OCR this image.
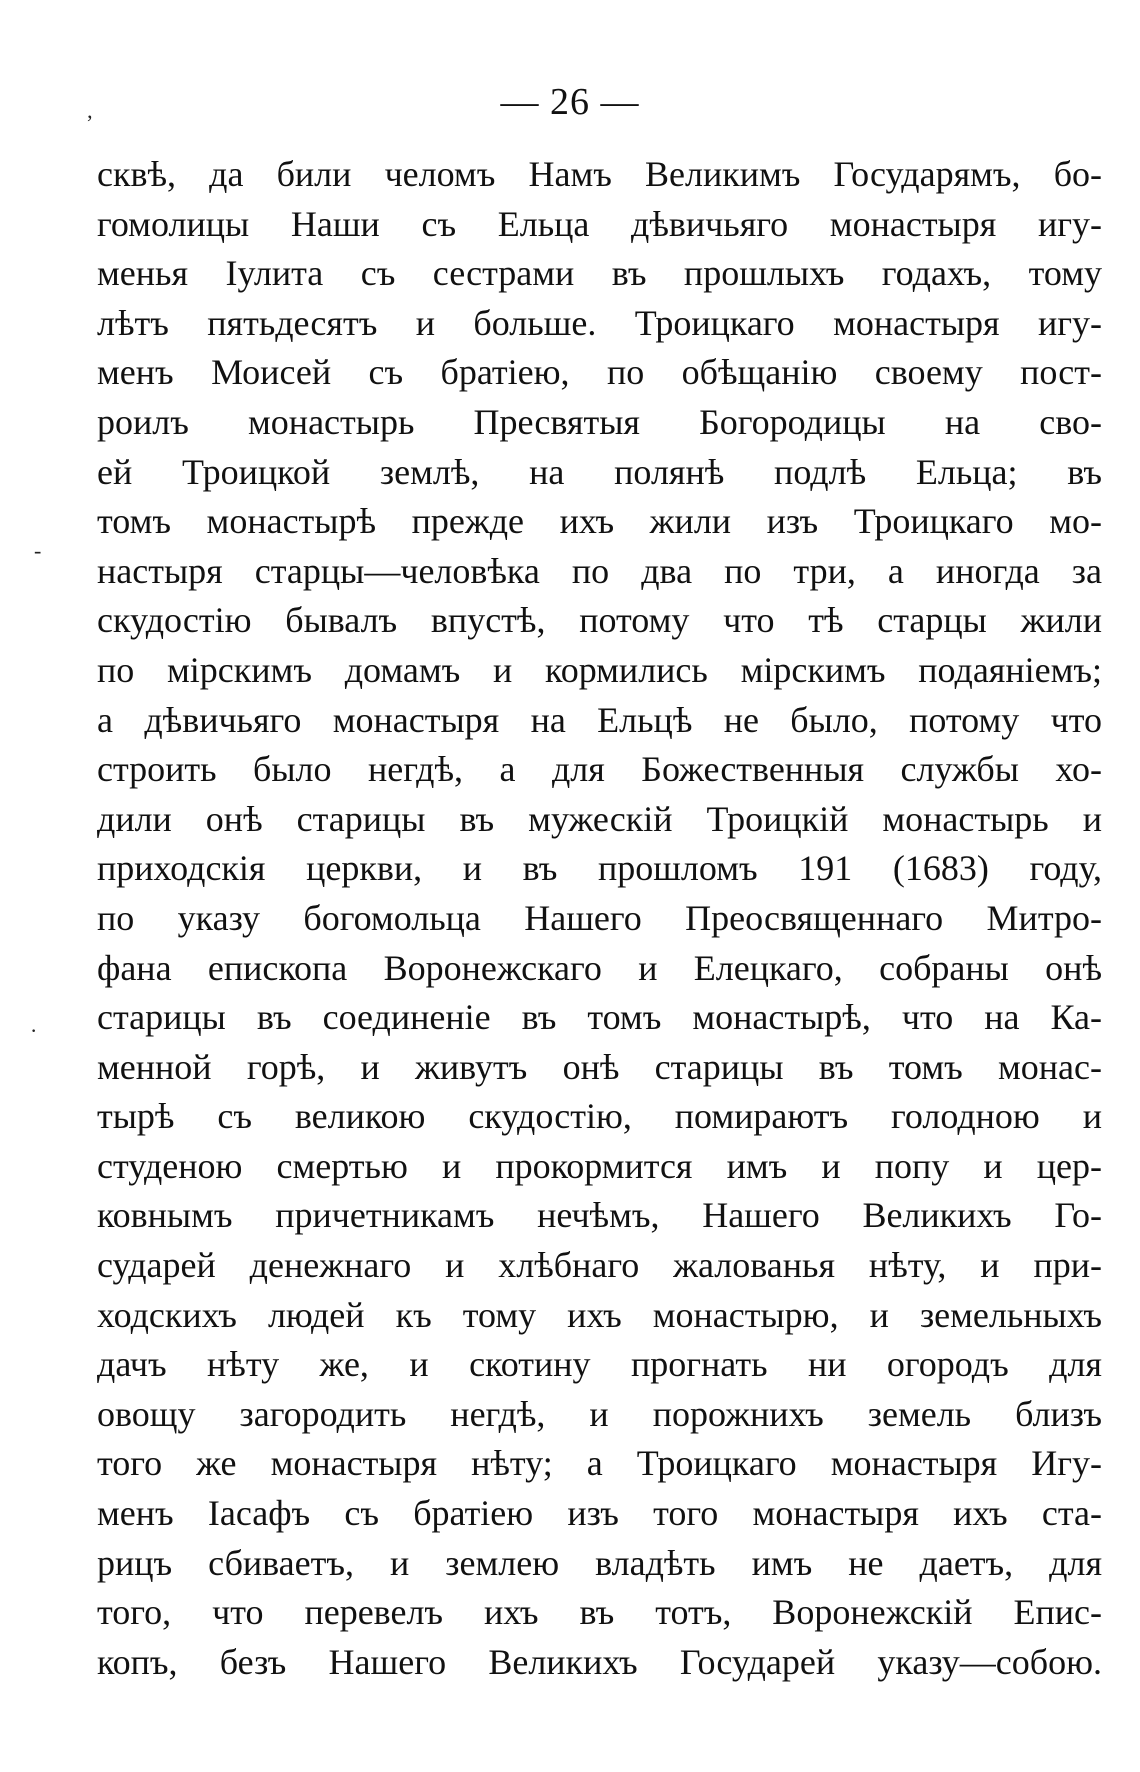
— 26 —
‚
-
·
сквѣ, да били челомъ Намъ Великимъ Государямъ, бо-
гомолицы Наши съ Ельца дѣвичьяго монастыря игу-
менья Іулита съ сестрами въ прошлыхъ годахъ, тому
лѣтъ пятьдесятъ и больше. Троицкаго монастыря игу-
менъ Моисей съ братіею, по обѣщанію своему пост-
роилъ монастырь Пресвятыя Богородицы на сво-
ей Троицкой землѣ, на полянѣ подлѣ Ельца; въ
томъ монастырѣ прежде ихъ жили изъ Троицкаго мо-
настыря старцы—человѣка по два по три, а иногда за
скудостію бывалъ впустѣ, потому что тѣ старцы жили
по мірскимъ домамъ и кормились мірскимъ подаяніемъ;
а дѣвичьяго монастыря на Ельцѣ не было, потому что
строить было негдѣ, а для Божественныя службы хо-
дили онѣ старицы въ мужескій Троицкій монастырь и
приходскія церкви, и въ прошломъ 191 (1683) году,
по указу богомольца Нашего Преосвященнаго Митро-
фана епископа Воронежскаго и Елецкаго, собраны онѣ
старицы въ соединеніе въ томъ монастырѣ, что на Ка-
менной горѣ, и живутъ онѣ старицы въ томъ монас-
тырѣ съ великою скудостію, помираютъ голодною и
студеною смертью и прокормится имъ и попу и цер-
ковнымъ причетникамъ нечѣмъ, Нашего Великихъ Го-
сударей денежнаго и хлѣбнаго жалованья нѣту, и при-
ходскихъ людей къ тому ихъ монастырю, и земельныхъ
дачъ нѣту же, и скотину прогнать ни огородъ для
овощу загородить негдѣ, и порожнихъ земель близъ
того же монастыря нѣту; а Троицкаго монастыря Игу-
менъ Іасафъ съ братіею изъ того монастыря ихъ ста-
рицъ сбиваетъ, и землею владѣть имъ не даетъ, для
того, что перевелъ ихъ въ тотъ, Воронежскій Епис-
копъ, безъ Нашего Великихъ Государей указу—собою.
